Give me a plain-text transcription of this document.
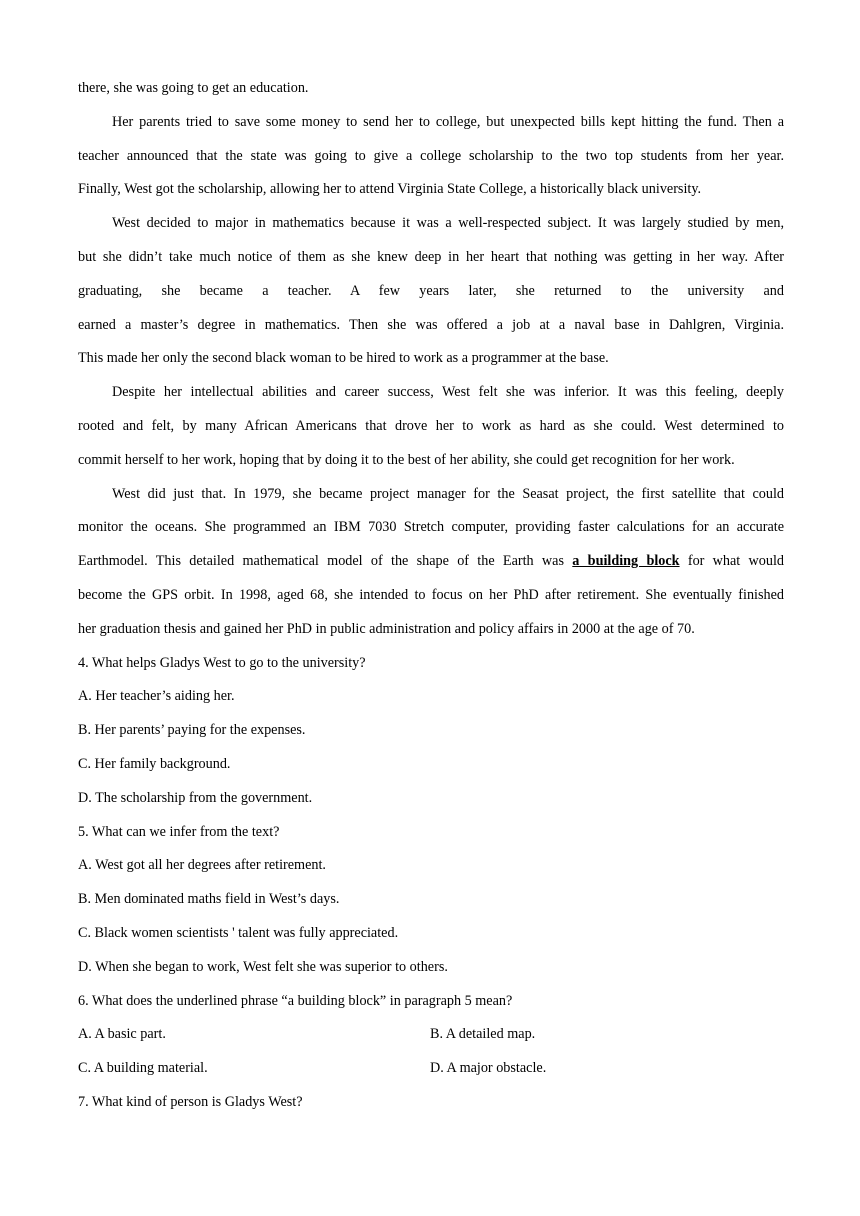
there, she was going to get an education.

Her parents tried to save some money to send her to college, but unexpected bills kept hitting the fund. Then a

teacher announced that the state was going to give a college scholarship to the two top students from her year.

Finally, West got the scholarship, allowing her to attend Virginia State College, a historically black university.

West decided to major in mathematics because it was a well-respected subject. It was largely studied by men,

but she didn’t take much notice of them as she knew deep in her heart that nothing was getting in her way. After

graduating, she became a teacher. A few years later, she returned to the university and

earned a master’s degree in mathematics. Then she was offered a job at a naval base in Dahlgren, Virginia.

This made her only the second black woman to be hired to work as a programmer at the base.

Despite her intellectual abilities and career success, West felt she was inferior. It was this feeling, deeply

rooted and felt, by many African Americans that drove her to work as hard as she could. West determined to

commit herself to her work, hoping that by doing it to the best of her ability, she could get recognition for her work.

West did just that. In 1979, she became project manager for the Seasat project, the first satellite that could

monitor the oceans. She programmed an IBM 7030 Stretch computer, providing faster calculations for an accurate

Earthmodel. This detailed mathematical model of the shape of the Earth was a building block for what would

become the GPS orbit. In 1998, aged 68, she intended to focus on her PhD after retirement. She eventually finished

her graduation thesis and gained her PhD in public administration and policy affairs in 2000 at the age of 70.

4. What helps Gladys West to go to the university?

A. Her teacher’s aiding her.

B. Her parents’ paying for the expenses.

C. Her family background.

D. The scholarship from the government.

5. What can we infer from the text?

A. West got all her degrees after retirement.

B. Men dominated maths field in West’s days.

C. Black women scientists ' talent was fully appreciated.

D. When she began to work, West felt she was superior to others.

6. What does the underlined phrase “a building block” in paragraph 5 mean?

A. A basic part.	B. A detailed map.
C. A building material.	D. A major obstacle.

7. What kind of person is Gladys West?
